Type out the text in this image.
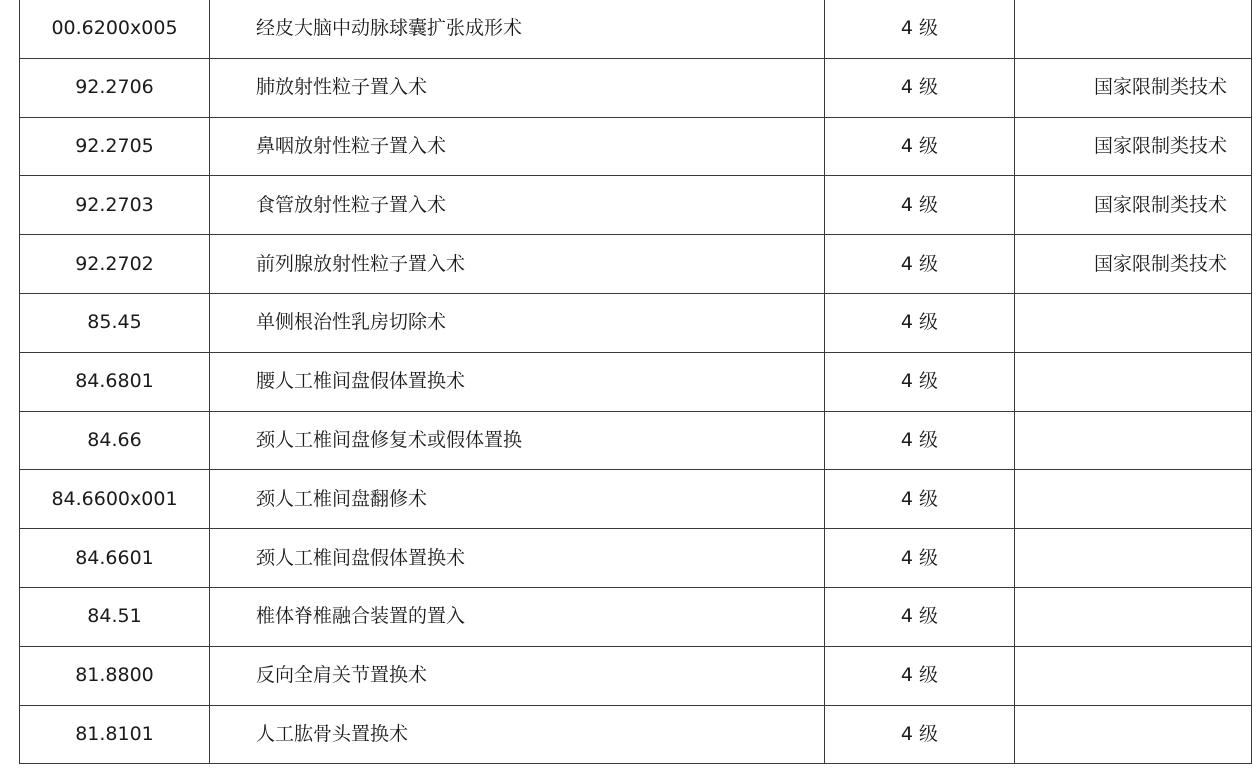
00.6200x005	经皮大脑中动脉球囊扩张成形术	4 级	
92.2706	肺放射性粒子置入术	4 级	国家限制类技术
92.2705	鼻咽放射性粒子置入术	4 级	国家限制类技术
92.2703	食管放射性粒子置入术	4 级	国家限制类技术
92.2702	前列腺放射性粒子置入术	4 级	国家限制类技术
85.45	单侧根治性乳房切除术	4 级	
84.6801	腰人工椎间盘假体置换术	4 级	
84.66	颈人工椎间盘修复术或假体置换	4 级	
84.6600x001	颈人工椎间盘翻修术	4 级	
84.6601	颈人工椎间盘假体置换术	4 级	
84.51	椎体脊椎融合装置的置入	4 级	
81.8800	反向全肩关节置换术	4 级	
81.8101	人工肱骨头置换术	4 级	
